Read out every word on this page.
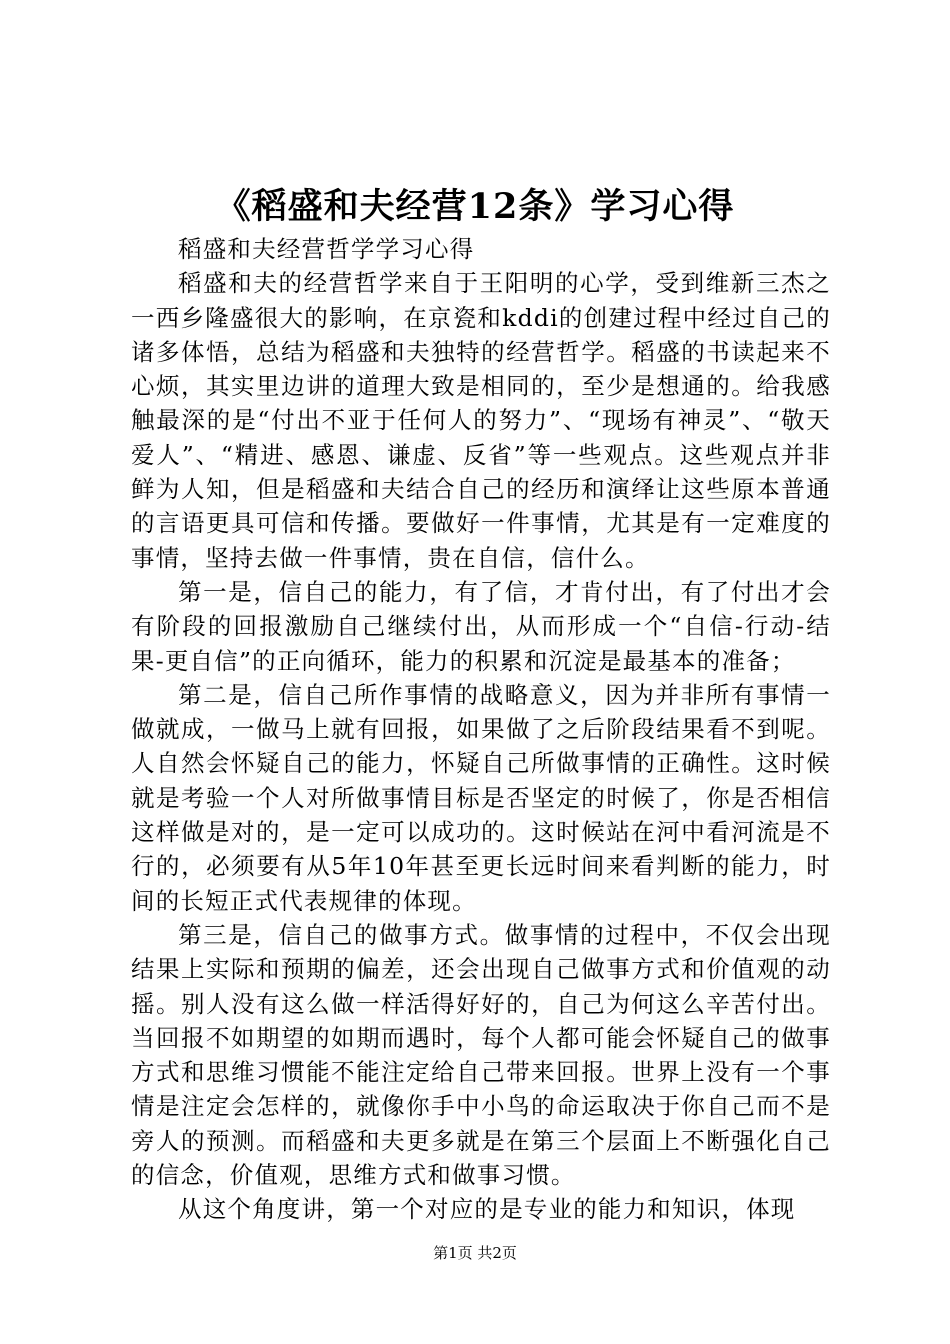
《稻盛和夫经营12条》学习心得

稻盛和夫经营哲学学习心得

稻盛和夫的经营哲学来自于王阳明的心学，受到维新三杰之一西乡隆盛很大的影响，在京瓷和kddi的创建过程中经过自己的诸多体悟，总结为稻盛和夫独特的经营哲学。稻盛的书读起来不心烦，其实里边讲的道理大致是相同的，至少是想通的。给我感触最深的是“付出不亚于任何人的努力”、“现场有神灵”、“敬天爱人”、“精进、感恩、谦虚、反省”等一些观点。这些观点并非鲜为人知，但是稻盛和夫结合自己的经历和演绎让这些原本普通的言语更具可信和传播。要做好一件事情，尤其是有一定难度的事情，坚持去做一件事情，贵在自信，信什么。

第一是，信自己的能力，有了信，才肯付出，有了付出才会有阶段的回报激励自己继续付出，从而形成一个“自信-行动-结果-更自信”的正向循环，能力的积累和沉淀是最基本的准备；

第二是，信自己所作事情的战略意义，因为并非所有事情一做就成，一做马上就有回报，如果做了之后阶段结果看不到呢。人自然会怀疑自己的能力，怀疑自己所做事情的正确性。这时候就是考验一个人对所做事情目标是否坚定的时候了，你是否相信这样做是对的，是一定可以成功的。这时候站在河中看河流是不行的，必须要有从5年10年甚至更长远时间来看判断的能力，时间的长短正式代表规律的体现。

第三是，信自己的做事方式。做事情的过程中，不仅会出现结果上实际和预期的偏差，还会出现自己做事方式和价值观的动摇。别人没有这么做一样活得好好的，自己为何这么辛苦付出。当回报不如期望的如期而遇时，每个人都可能会怀疑自己的做事方式和思维习惯能不能注定给自己带来回报。世界上没有一个事情是注定会怎样的，就像你手中小鸟的命运取决于你自己而不是旁人的预测。而稻盛和夫更多就是在第三个层面上不断强化自己的信念，价值观，思维方式和做事习惯。

从这个角度讲，第一个对应的是专业的能力和知识，体现

第1页 共2页
